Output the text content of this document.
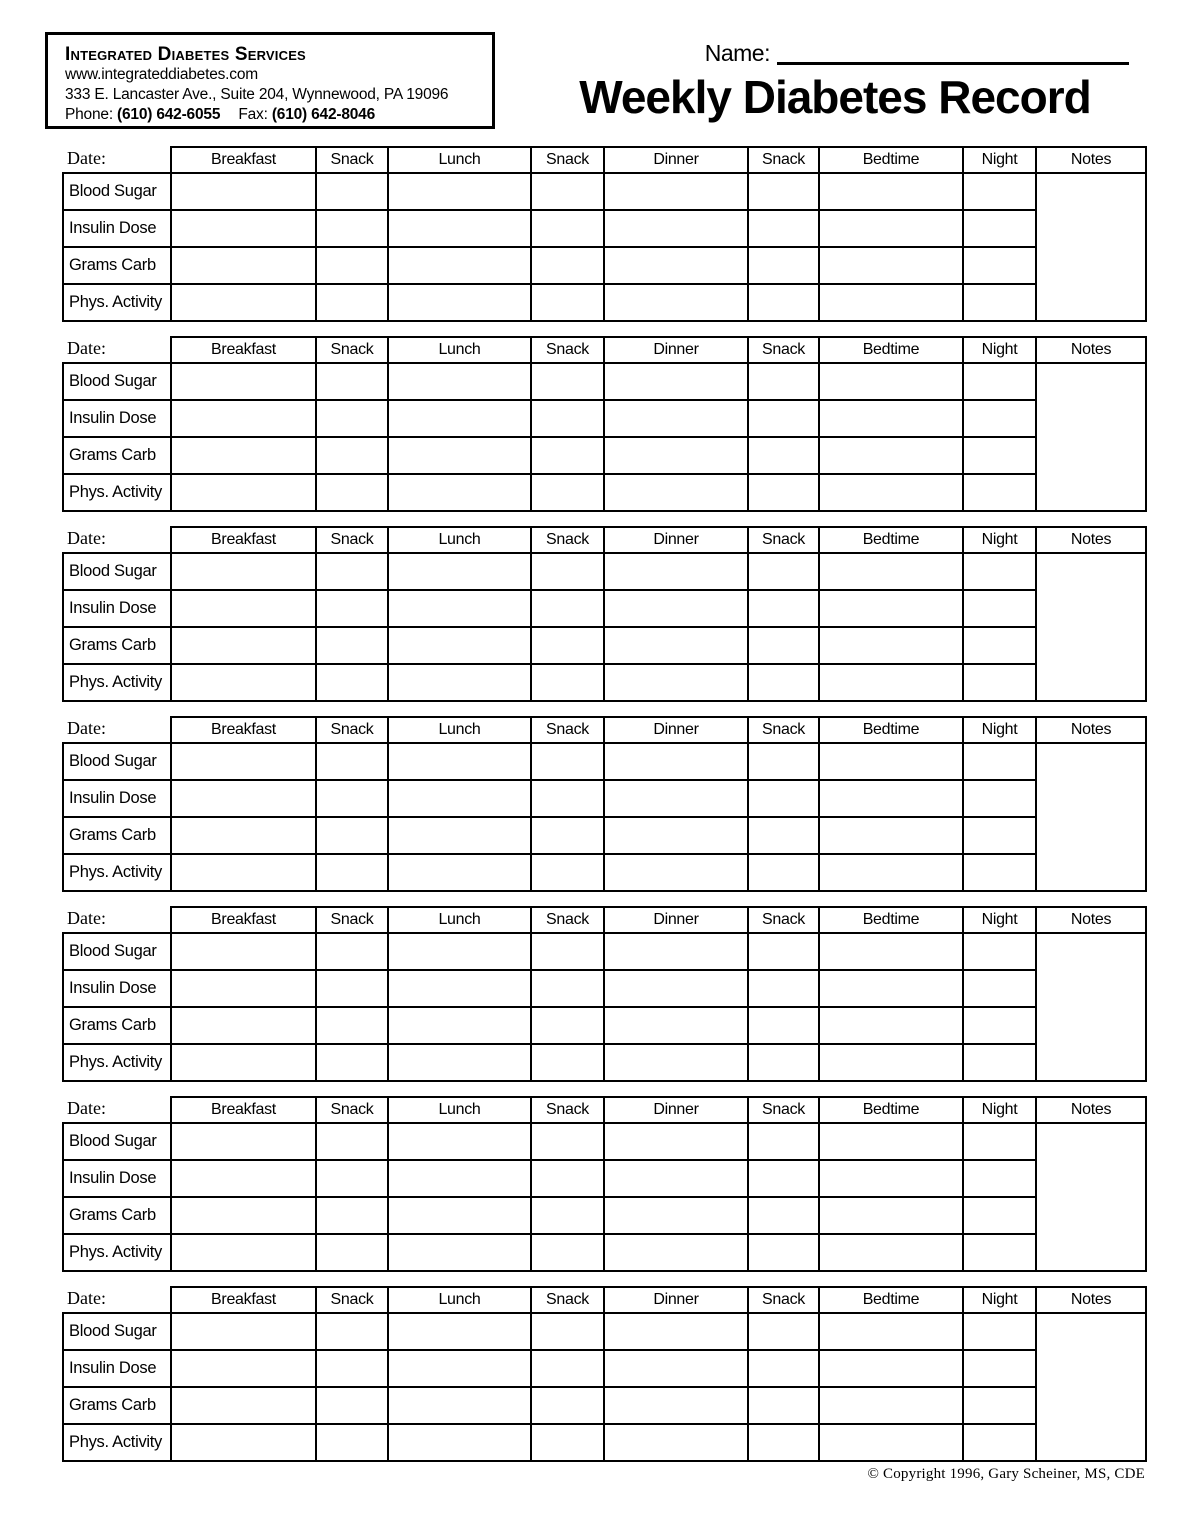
Integrated Diabetes Services
www.integrateddiabetes.com
333 E. Lancaster Ave., Suite 204, Wynnewood, PA 19096
Phone: (610) 642-6055 Fax: (610) 642-8046
Name:
Weekly Diabetes Record
Date:	Breakfast	Snack	Lunch	Snack	Dinner	Snack	Bedtime	Night	Notes
Blood Sugar									
Insulin Dose									
Grams Carb									
Phys. Activity									
Date:	Breakfast	Snack	Lunch	Snack	Dinner	Snack	Bedtime	Night	Notes
Blood Sugar									
Insulin Dose									
Grams Carb									
Phys. Activity									
Date:	Breakfast	Snack	Lunch	Snack	Dinner	Snack	Bedtime	Night	Notes
Blood Sugar									
Insulin Dose									
Grams Carb									
Phys. Activity									
Date:	Breakfast	Snack	Lunch	Snack	Dinner	Snack	Bedtime	Night	Notes
Blood Sugar									
Insulin Dose									
Grams Carb									
Phys. Activity									
Date:	Breakfast	Snack	Lunch	Snack	Dinner	Snack	Bedtime	Night	Notes
Blood Sugar									
Insulin Dose									
Grams Carb									
Phys. Activity									
Date:	Breakfast	Snack	Lunch	Snack	Dinner	Snack	Bedtime	Night	Notes
Blood Sugar									
Insulin Dose									
Grams Carb									
Phys. Activity									
Date:	Breakfast	Snack	Lunch	Snack	Dinner	Snack	Bedtime	Night	Notes
Blood Sugar									
Insulin Dose									
Grams Carb									
Phys. Activity									
© Copyright 1996, Gary Scheiner, MS, CDE
